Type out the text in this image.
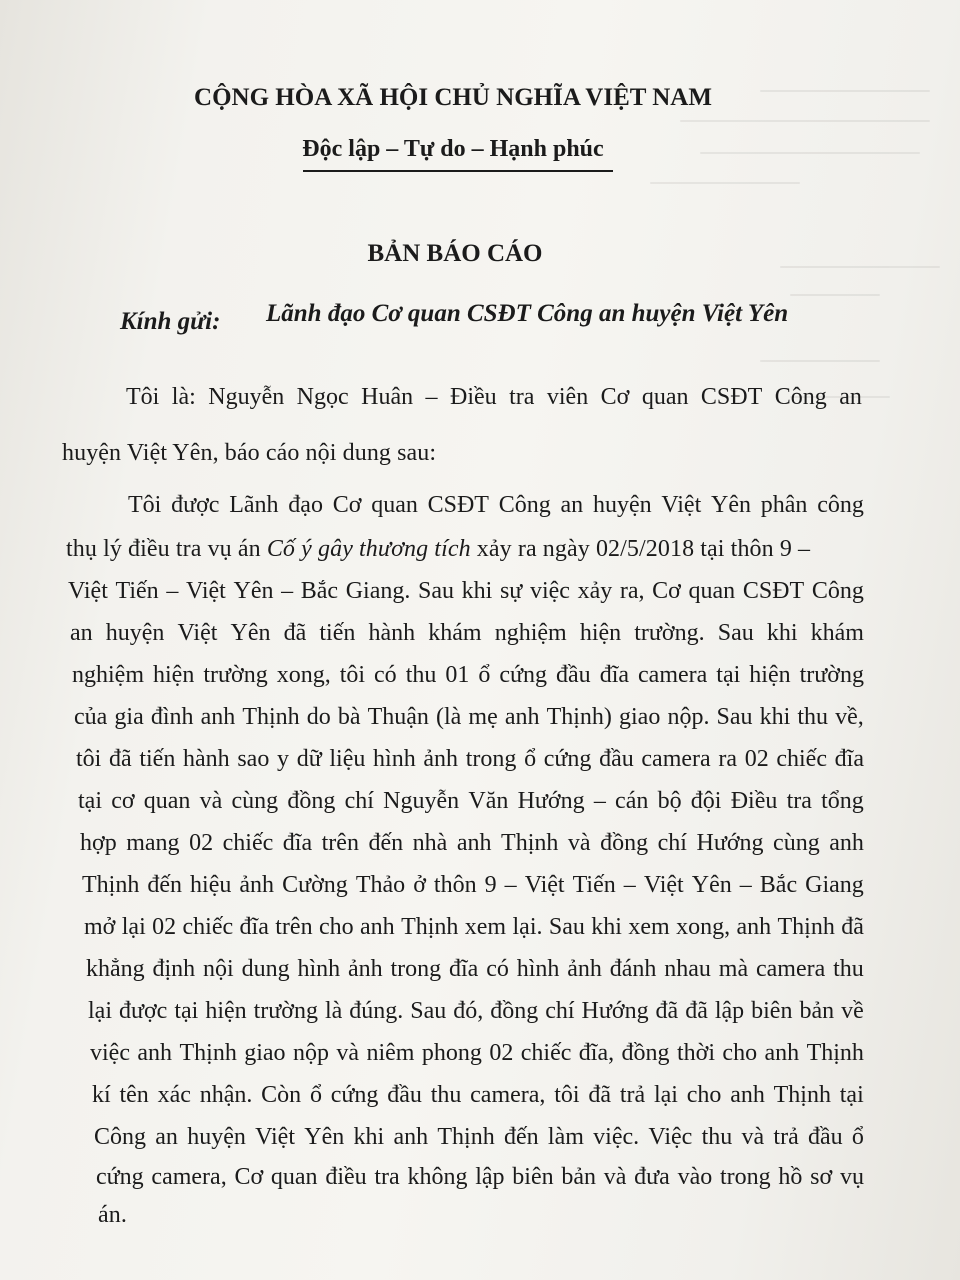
CỘNG HÒA XÃ HỘI CHỦ NGHĨA VIỆT NAM
Độc lập – Tự do – Hạnh phúc
BẢN BÁO CÁO
Kính gửi: Lãnh đạo Cơ quan CSĐT Công an huyện Việt Yên
Tôi là: Nguyễn Ngọc Huân – Điều tra viên Cơ quan CSĐT Công an
huyện Việt Yên, báo cáo nội dung sau:
Tôi được Lãnh đạo Cơ quan CSĐT Công an huyện Việt Yên phân công
thụ lý điều tra vụ án Cố ý gây thương tích xảy ra ngày 02/5/2018 tại thôn 9 –
Việt Tiến – Việt Yên – Bắc Giang. Sau khi sự việc xảy ra, Cơ quan CSĐT Công
an huyện Việt Yên đã tiến hành khám nghiệm hiện trường. Sau khi khám
nghiệm hiện trường xong, tôi có thu 01 ổ cứng đầu đĩa camera tại hiện trường
của gia đình anh Thịnh do bà Thuận (là mẹ anh Thịnh) giao nộp. Sau khi thu về,
tôi đã tiến hành sao y dữ liệu hình ảnh trong ổ cứng đầu camera ra 02 chiếc đĩa
tại cơ quan và cùng đồng chí Nguyễn Văn Hướng – cán bộ đội Điều tra tổng
hợp mang 02 chiếc đĩa trên đến nhà anh Thịnh và đồng chí Hướng cùng anh
Thịnh đến hiệu ảnh Cường Thảo ở thôn 9 – Việt Tiến – Việt Yên – Bắc Giang
mở lại 02 chiếc đĩa trên cho anh Thịnh xem lại. Sau khi xem xong, anh Thịnh đã
khẳng định nội dung hình ảnh trong đĩa có hình ảnh đánh nhau mà camera thu
lại được tại hiện trường là đúng. Sau đó, đồng chí Hướng đã đã lập biên bản về
việc anh Thịnh giao nộp và niêm phong 02 chiếc đĩa, đồng thời cho anh Thịnh
kí tên xác nhận. Còn ổ cứng đầu thu camera, tôi đã trả lại cho anh Thịnh tại
Công an huyện Việt Yên khi anh Thịnh đến làm việc. Việc thu và trả đầu ổ
cứng camera, Cơ quan điều tra không lập biên bản và đưa vào trong hồ sơ vụ
án.
